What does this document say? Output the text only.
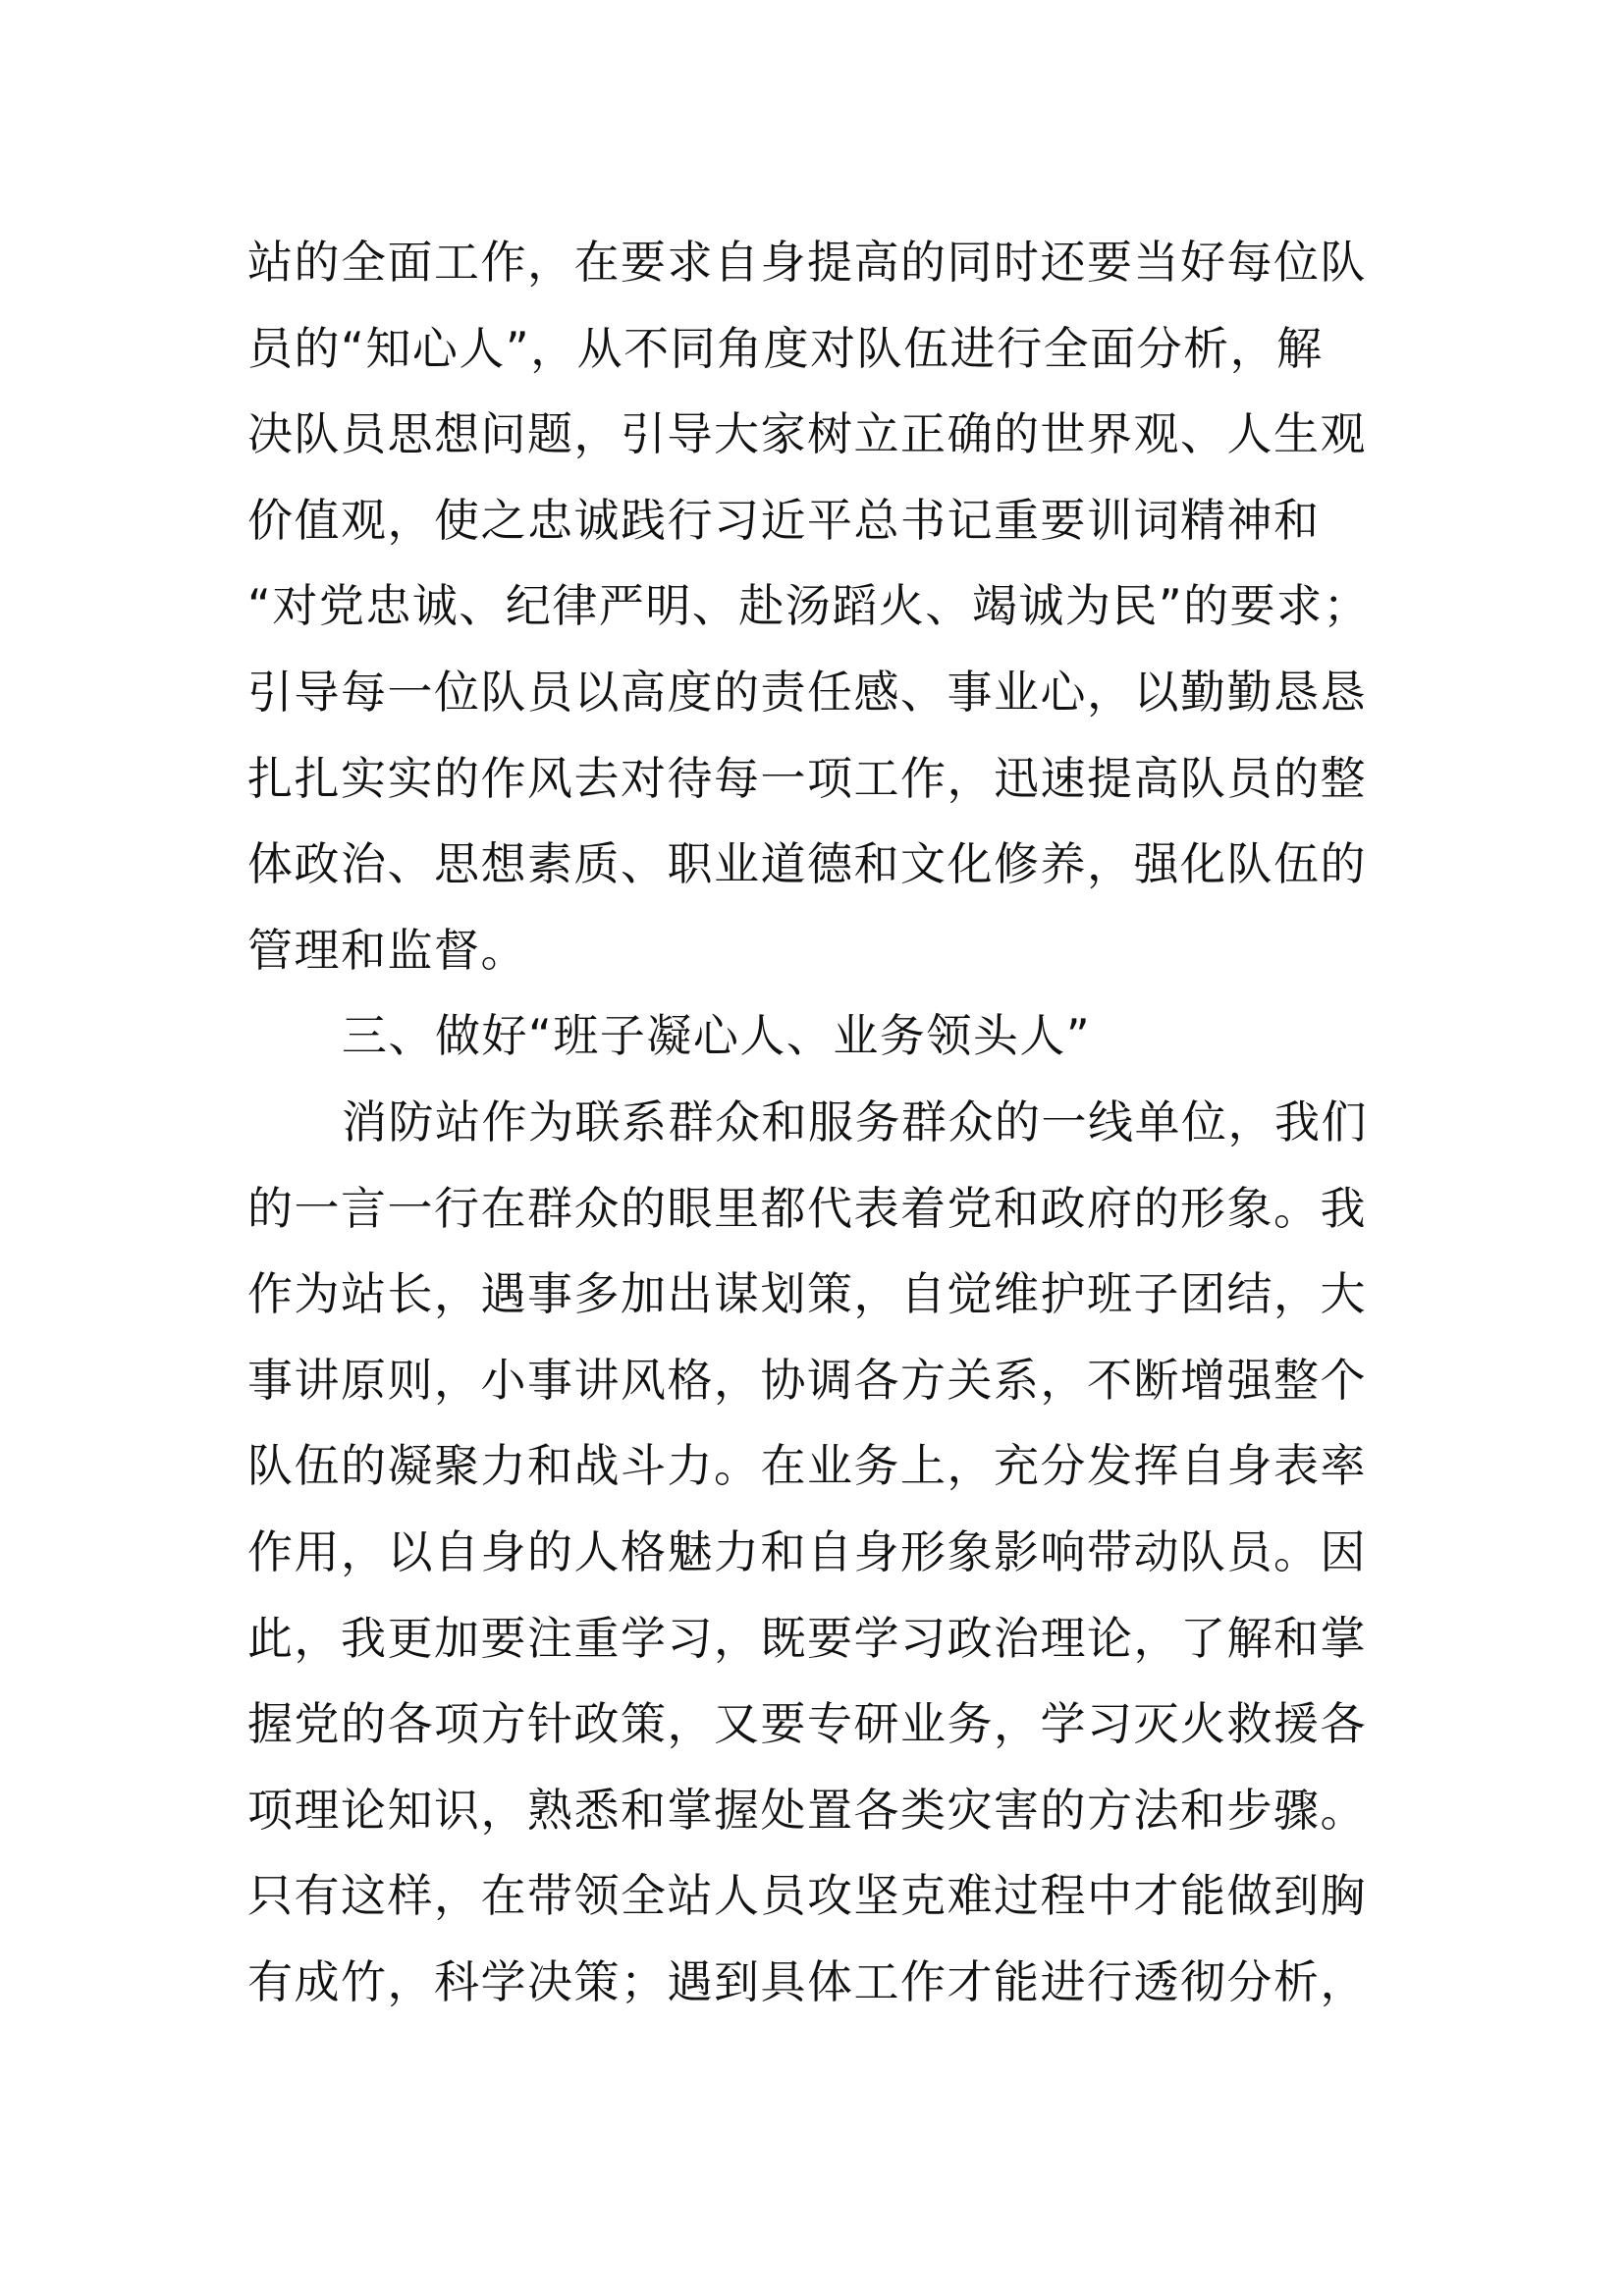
站的全面工作，在要求自身提高的同时还要当好每位队

员的“知心人”，从不同角度对队伍进行全面分析，解

决队员思想问题，引导大家树立正确的世界观、人生观

价值观，使之忠诚践行习近平总书记重要训词精神和

“对党忠诚、纪律严明、赴汤蹈火、竭诚为民”的要求；

引导每一位队员以高度的责任感、事业心，以勤勤恳恳

扎扎实实的作风去对待每一项工作，迅速提高队员的整

体政治、思想素质、职业道德和文化修养，强化队伍的

管理和监督。

三、做好“班子凝心人、业务领头人”

消防站作为联系群众和服务群众的一线单位，我们

的一言一行在群众的眼里都代表着党和政府的形象。我

作为站长，遇事多加出谋划策，自觉维护班子团结，大

事讲原则，小事讲风格，协调各方关系，不断增强整个

队伍的凝聚力和战斗力。在业务上，充分发挥自身表率

作用，以自身的人格魅力和自身形象影响带动队员。因

此，我更加要注重学习，既要学习政治理论，了解和掌

握党的各项方针政策，又要专研业务，学习灭火救援各

项理论知识，熟悉和掌握处置各类灾害的方法和步骤。

只有这样，在带领全站人员攻坚克难过程中才能做到胸

有成竹，科学决策；遇到具体工作才能进行透彻分析，
